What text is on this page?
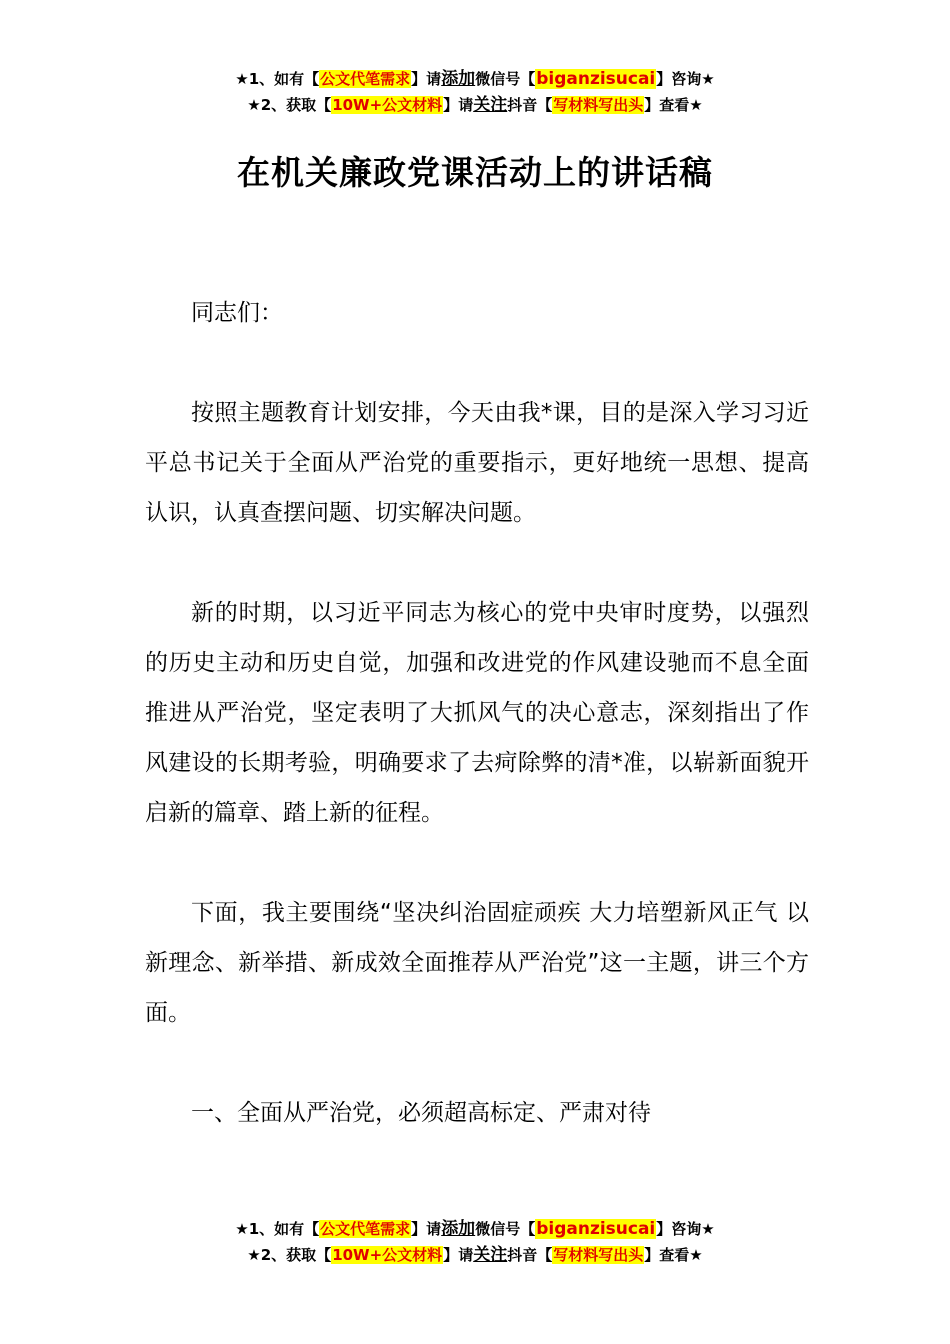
★1、如有【公文代笔需求】请添加微信号【biganzisucai】咨询★
★2、获取【10W+公文材料】请关注抖音【写材料写出头】查看★
在机关廉政党课活动上的讲话稿

同志们：

按照主题教育计划安排，今天由我*课，目的是深入学习习近平总书记关于全面从严治党的重要指示，更好地统一思想、提高认识，认真查摆问题、切实解决问题。

新的时期，以习近平同志为核心的党中央审时度势，以强烈的历史主动和历史自觉，加强和改进党的作风建设驰而不息全面推进从严治党，坚定表明了大抓风气的决心意志，深刻指出了作风建设的长期考验，明确要求了去疴除弊的清*准，以崭新面貌开启新的篇章、踏上新的征程。

下面，我主要围绕“坚决纠治固症顽疾 大力培塑新风正气 以新理念、新举措、新成效全面推荐从严治党”这一主题，讲三个方面。

一、全面从严治党，必须超高标定、严肃对待

★1、如有【公文代笔需求】请添加微信号【biganzisucai】咨询★
★2、获取【10W+公文材料】请关注抖音【写材料写出头】查看★
